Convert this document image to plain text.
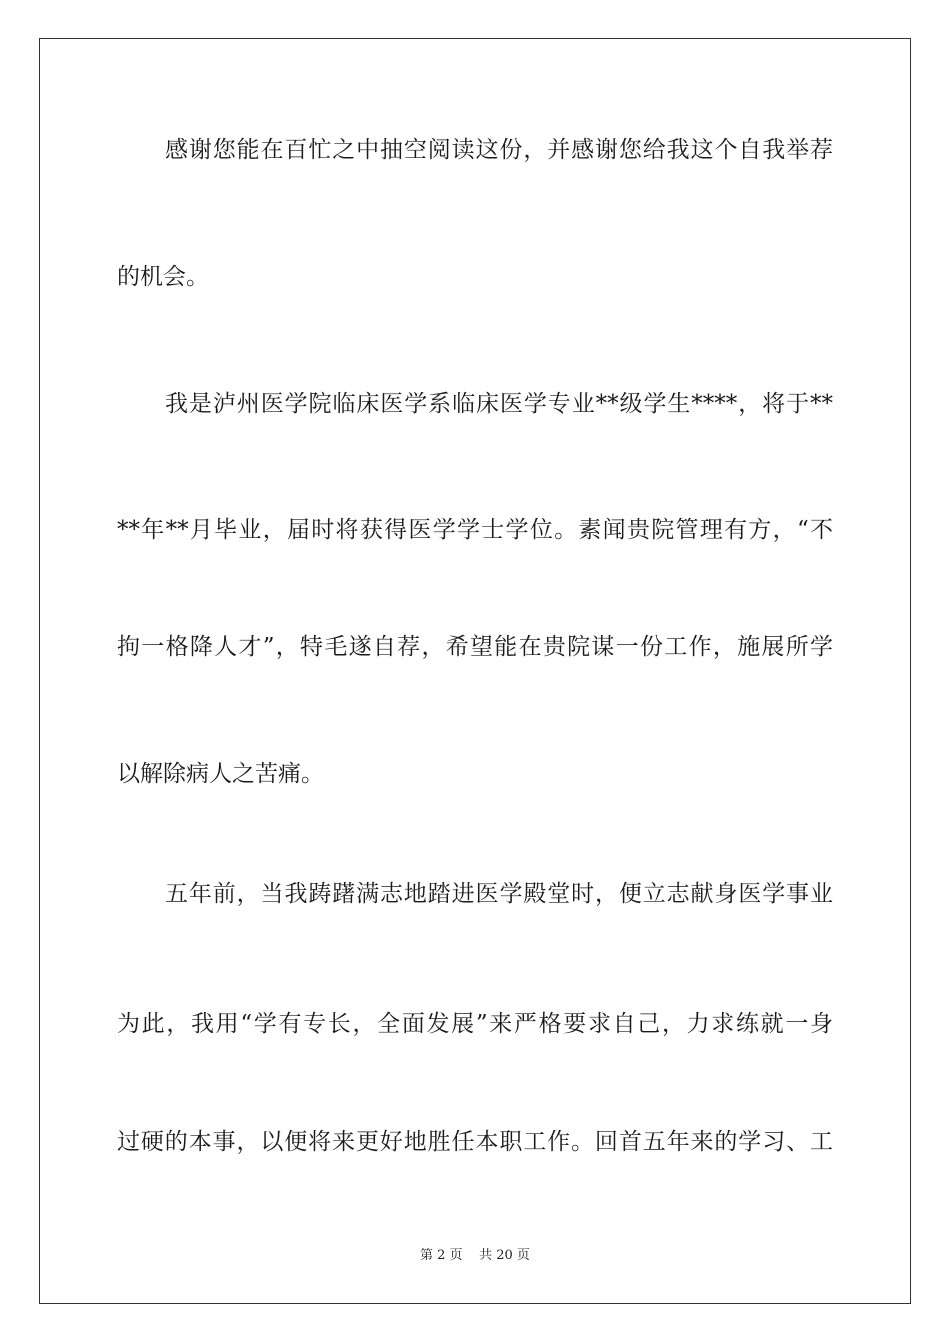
感谢您能在百忙之中抽空阅读这份，并感谢您给我这个自我举荐
的机会。
我是泸州医学院临床医学系临床医学专业**级学生****，将于**
**年**月毕业，届时将获得医学学士学位。素闻贵院管理有方，“不
拘一格降人才”，特毛遂自荐，希望能在贵院谋一份工作，施展所学
以解除病人之苦痛。
五年前，当我踌躇满志地踏进医学殿堂时，便立志献身医学事业
为此，我用“学有专长，全面发展”来严格要求自己，力求练就一身
过硬的本事，以便将来更好地胜任本职工作。回首五年来的学习、工
第 2 页 共 20 页
